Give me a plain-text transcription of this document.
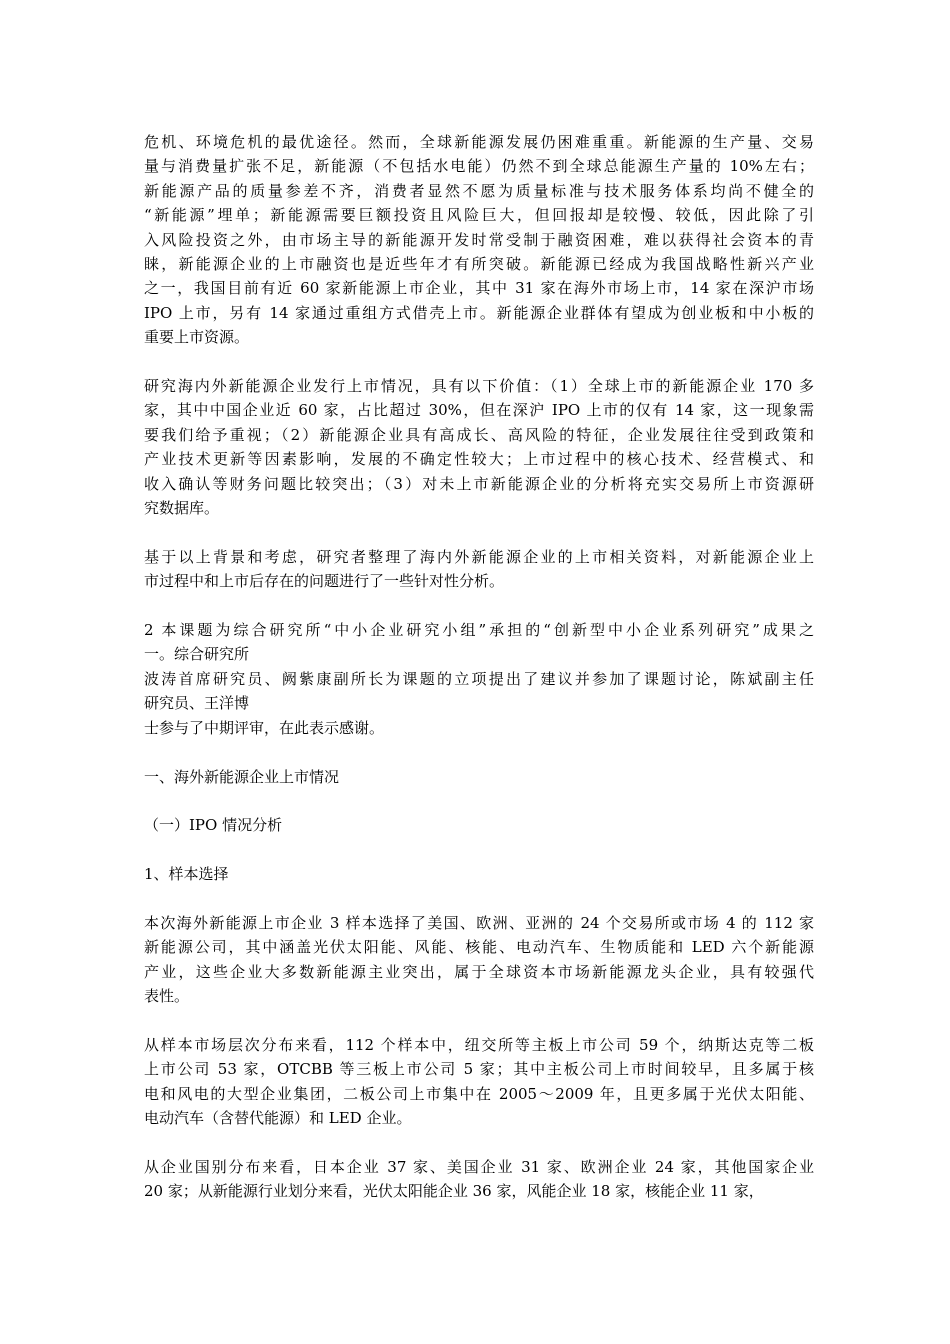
危机、环境危机的最优途径。然而，全球新能源发展仍困难重重。新能源的生产量、交易
量与消费量扩张不足，新能源（不包括水电能）仍然不到全球总能源生产量的 10%左右；
新能源产品的质量参差不齐，消费者显然不愿为质量标准与技术服务体系均尚不健全的
“新能源”埋单；新能源需要巨额投资且风险巨大，但回报却是较慢、较低，因此除了引
入风险投资之外，由市场主导的新能源开发时常受制于融资困难，难以获得社会资本的青
睐，新能源企业的上市融资也是近些年才有所突破。新能源已经成为我国战略性新兴产业
之一，我国目前有近 60 家新能源上市企业，其中 31 家在海外市场上市，14 家在深沪市场
IPO 上市，另有 14 家通过重组方式借壳上市。新能源企业群体有望成为创业板和中小板的
重要上市资源。
研究海内外新能源企业发行上市情况，具有以下价值：（1）全球上市的新能源企业 170 多
家，其中中国企业近 60 家，占比超过 30%，但在深沪 IPO 上市的仅有 14 家，这一现象需
要我们给予重视；（2）新能源企业具有高成长、高风险的特征，企业发展往往受到政策和
产业技术更新等因素影响，发展的不确定性较大；上市过程中的核心技术、经营模式、和
收入确认等财务问题比较突出；（3）对未上市新能源企业的分析将充实交易所上市资源研
究数据库。
基于以上背景和考虑，研究者整理了海内外新能源企业的上市相关资料，对新能源企业上
市过程中和上市后存在的问题进行了一些针对性分析。
2 本课题为综合研究所“中小企业研究小组”承担的“创新型中小企业系列研究”成果之
一。综合研究所
波涛首席研究员、阙紫康副所长为课题的立项提出了建议并参加了课题讨论，陈斌副主任
研究员、王洋博
士参与了中期评审，在此表示感谢。
一、海外新能源企业上市情况
（一）IPO 情况分析
1、样本选择
本次海外新能源上市企业 3 样本选择了美国、欧洲、亚洲的 24 个交易所或市场 4 的 112 家
新能源公司，其中涵盖光伏太阳能、风能、核能、电动汽车、生物质能和 LED 六个新能源
产业，这些企业大多数新能源主业突出，属于全球资本市场新能源龙头企业，具有较强代
表性。
从样本市场层次分布来看，112 个样本中，纽交所等主板上市公司 59 个，纳斯达克等二板
上市公司 53 家，OTCBB 等三板上市公司 5 家；其中主板公司上市时间较早，且多属于核
电和风电的大型企业集团，二板公司上市集中在 2005～2009 年，且更多属于光伏太阳能、
电动汽车（含替代能源）和 LED 企业。
从企业国别分布来看，日本企业 37 家、美国企业 31 家、欧洲企业 24 家，其他国家企业
20 家；从新能源行业划分来看，光伏太阳能企业 36 家，风能企业 18 家，核能企业 11 家，
